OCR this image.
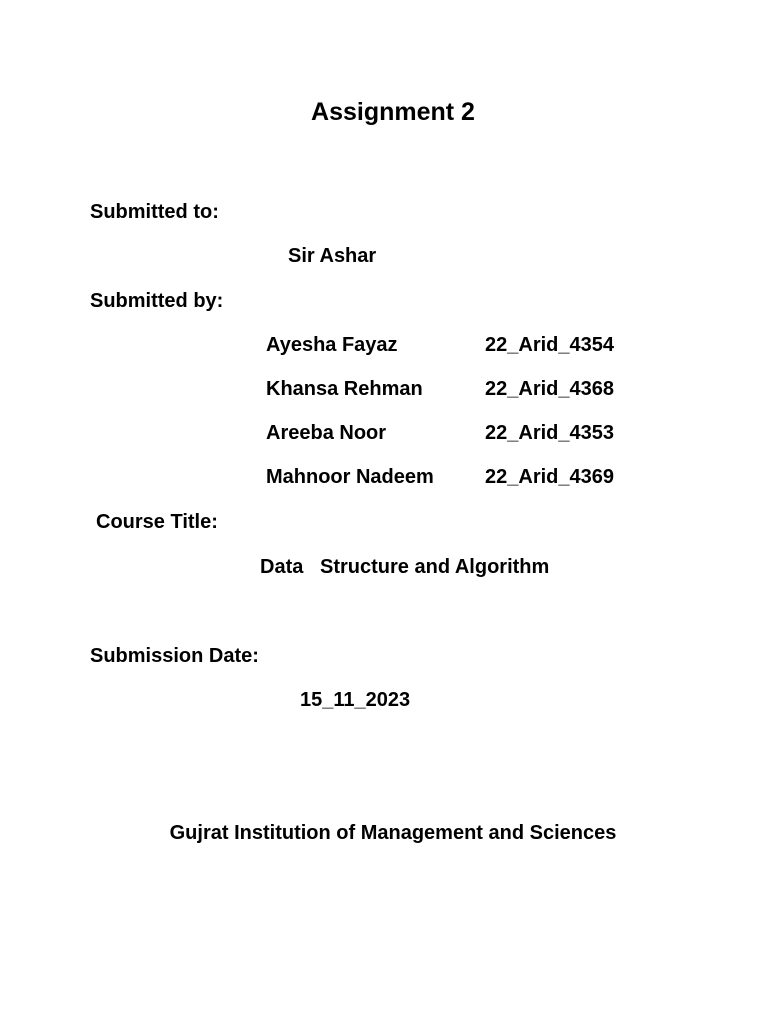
Assignment 2
Submitted to:
Sir Ashar
Submitted by:
Ayesha Fayaz	22_Arid_4354
Khansa Rehman	22_Arid_4368
Areeba Noor	22_Arid_4353
Mahnoor Nadeem	22_Arid_4369
Course Title:
Data   Structure and Algorithm
Submission Date:
15_11_2023
Gujrat Institution of Management and Sciences
